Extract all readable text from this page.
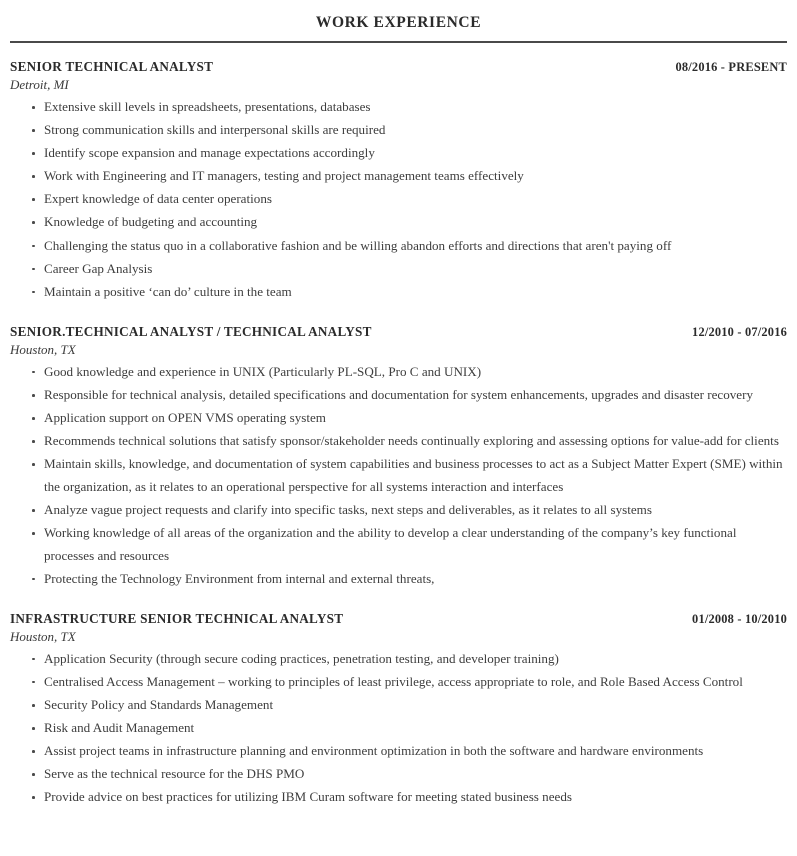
WORK EXPERIENCE
SENIOR TECHNICAL ANALYST	08/2016 - PRESENT
Detroit, MI
Extensive skill levels in spreadsheets, presentations, databases
Strong communication skills and interpersonal skills are required
Identify scope expansion and manage expectations accordingly
Work with Engineering and IT managers, testing and project management teams effectively
Expert knowledge of data center operations
Knowledge of budgeting and accounting
Challenging the status quo in a collaborative fashion and be willing abandon efforts and directions that aren't paying off
Career Gap Analysis
Maintain a positive ‘can do’ culture in the team
SENIOR.TECHNICAL ANALYST / TECHNICAL ANALYST	12/2010 - 07/2016
Houston, TX
Good knowledge and experience in UNIX (Particularly PL-SQL, Pro C and UNIX)
Responsible for technical analysis, detailed specifications and documentation for system enhancements, upgrades and disaster recovery
Application support on OPEN VMS operating system
Recommends technical solutions that satisfy sponsor/stakeholder needs continually exploring and assessing options for value-add for clients
Maintain skills, knowledge, and documentation of system capabilities and business processes to act as a Subject Matter Expert (SME) within the organization, as it relates to an operational perspective for all systems interaction and interfaces
Analyze vague project requests and clarify into specific tasks, next steps and deliverables, as it relates to all systems
Working knowledge of all areas of the organization and the ability to develop a clear understanding of the company’s key functional processes and resources
Protecting the Technology Environment from internal and external threats,
INFRASTRUCTURE SENIOR TECHNICAL ANALYST	01/2008 - 10/2010
Houston, TX
Application Security (through secure coding practices, penetration testing, and developer training)
Centralised Access Management – working to principles of least privilege, access appropriate to role, and Role Based Access Control
Security Policy and Standards Management
Risk and Audit Management
Assist project teams in infrastructure planning and environment optimization in both the software and hardware environments
Serve as the technical resource for the DHS PMO
Provide advice on best practices for utilizing IBM Curam software for meeting stated business needs
